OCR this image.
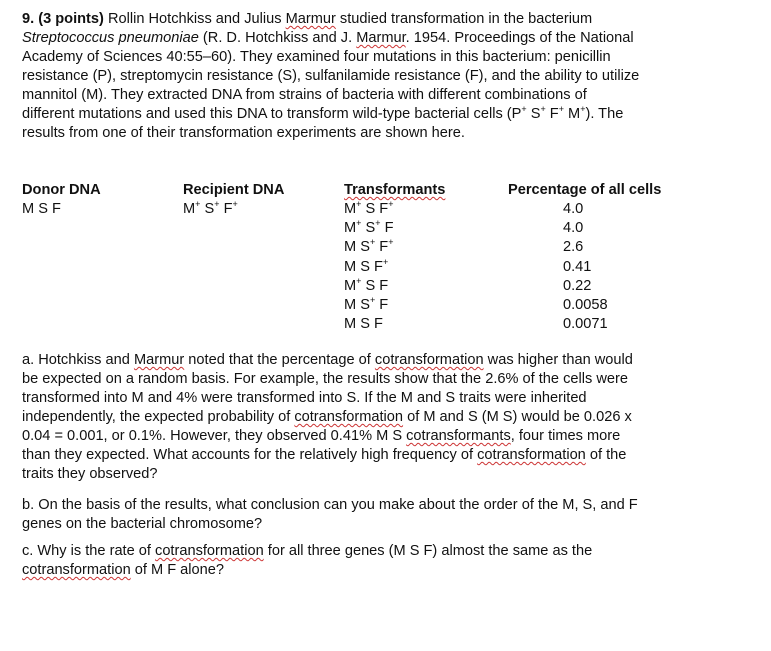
9. (3 points) Rollin Hotchkiss and Julius Marmur studied transformation in the bacterium
Streptococcus pneumoniae (R. D. Hotchkiss and J. Marmur. 1954. Proceedings of the National
Academy of Sciences 40:55–60). They examined four mutations in this bacterium: penicillin
resistance (P), streptomycin resistance (S), sulfanilamide resistance (F), and the ability to utilize
mannitol (M). They extracted DNA from strains of bacteria with different combinations of
different mutations and used this DNA to transform wild-type bacterial cells (P+ S+ F+ M+). The
results from one of their transformation experiments are shown here.
Donor DNA
M S F
Recipient DNA
M+ S+ F+
Transformants
M+ S F+
M+ S+ F
M S+ F+
M S F+
M+ S F
M S+ F
M S F
Percentage of all cells
4.0
4.0
2.6
0.41
0.22
0.0058
0.0071
a. Hotchkiss and Marmur noted that the percentage of cotransformation was higher than would
be expected on a random basis. For example, the results show that the 2.6% of the cells were
transformed into M and 4% were transformed into S. If the M and S traits were inherited
independently, the expected probability of cotransformation of M and S (M S) would be 0.026 x
0.04 = 0.001, or 0.1%. However, they observed 0.41% M S cotransformants, four times more
than they expected. What accounts for the relatively high frequency of cotransformation of the
traits they observed?
b. On the basis of the results, what conclusion can you make about the order of the M, S, and F
genes on the bacterial chromosome?
c. Why is the rate of cotransformation for all three genes (M S F) almost the same as the
cotransformation of M F alone?
